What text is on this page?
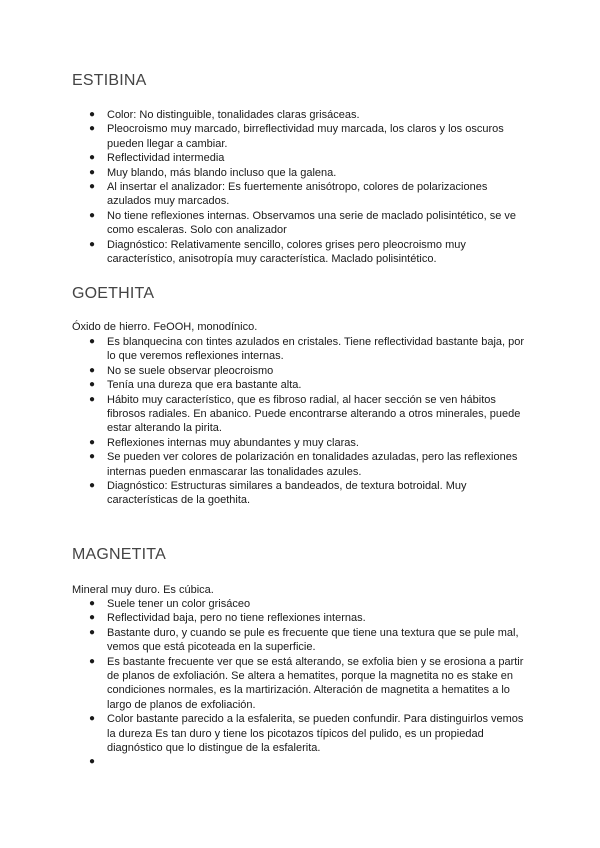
ESTIBINA
● Color: No distinguible, tonalidades claras grisáceas.
● Pleocroismo muy marcado, birreflectividad muy marcada, los claros y los oscuros pueden llegar a cambiar.
● Reflectividad intermedia
● Muy blando, más blando incluso que la galena.
● Al insertar el analizador: Es fuertemente anisótropo, colores de polarizaciones azulados muy marcados.
● No tiene reflexiones internas. Observamos una serie de maclado polisintético, se ve como escaleras. Solo con analizador
● Diagnóstico: Relativamente sencillo, colores grises pero pleocroismo muy característico, anisotropía muy característica. Maclado polisintético.
GOETHITA

Óxido de hierro. FeOOH, monodínico.

● Es blanquecina con tintes azulados en cristales. Tiene reflectividad bastante baja, por lo que veremos reflexiones internas.
● No se suele observar pleocroismo
● Tenía una dureza que era bastante alta.
● Hábito muy característico, que es fibroso radial, al hacer sección se ven hábitos fibrosos radiales. En abanico. Puede encontrarse alterando a otros minerales, puede estar alterando la pirita.
● Reflexiones internas muy abundantes y muy claras.
● Se pueden ver colores de polarización en tonalidades azuladas, pero las reflexiones internas pueden enmascarar las tonalidades azules.
● Diagnóstico: Estructuras similares a bandeados, de textura botroidal. Muy características de la goethita.
MAGNETITA

Mineral muy duro. Es cúbica.

● Suele tener un color grisáceo
● Reflectividad baja, pero no tiene reflexiones internas.
● Bastante duro, y cuando se pule es frecuente que tiene una textura que se pule mal, vemos que está picoteada en la superficie.
● Es bastante frecuente ver que se está alterando, se exfolia bien y se erosiona a partir de planos de exfoliación. Se altera a hematites, porque la magnetita no es stake en condiciones normales, es la martirización. Alteración de magnetita a hematites a lo largo de planos de exfoliación.
● Color bastante parecido a la esfalerita, se pueden confundir. Para distinguirlos vemos la dureza Es tan duro y tiene los picotazos típicos del pulido, es un propiedad diagnóstico que lo distingue de la esfalerita.
●
